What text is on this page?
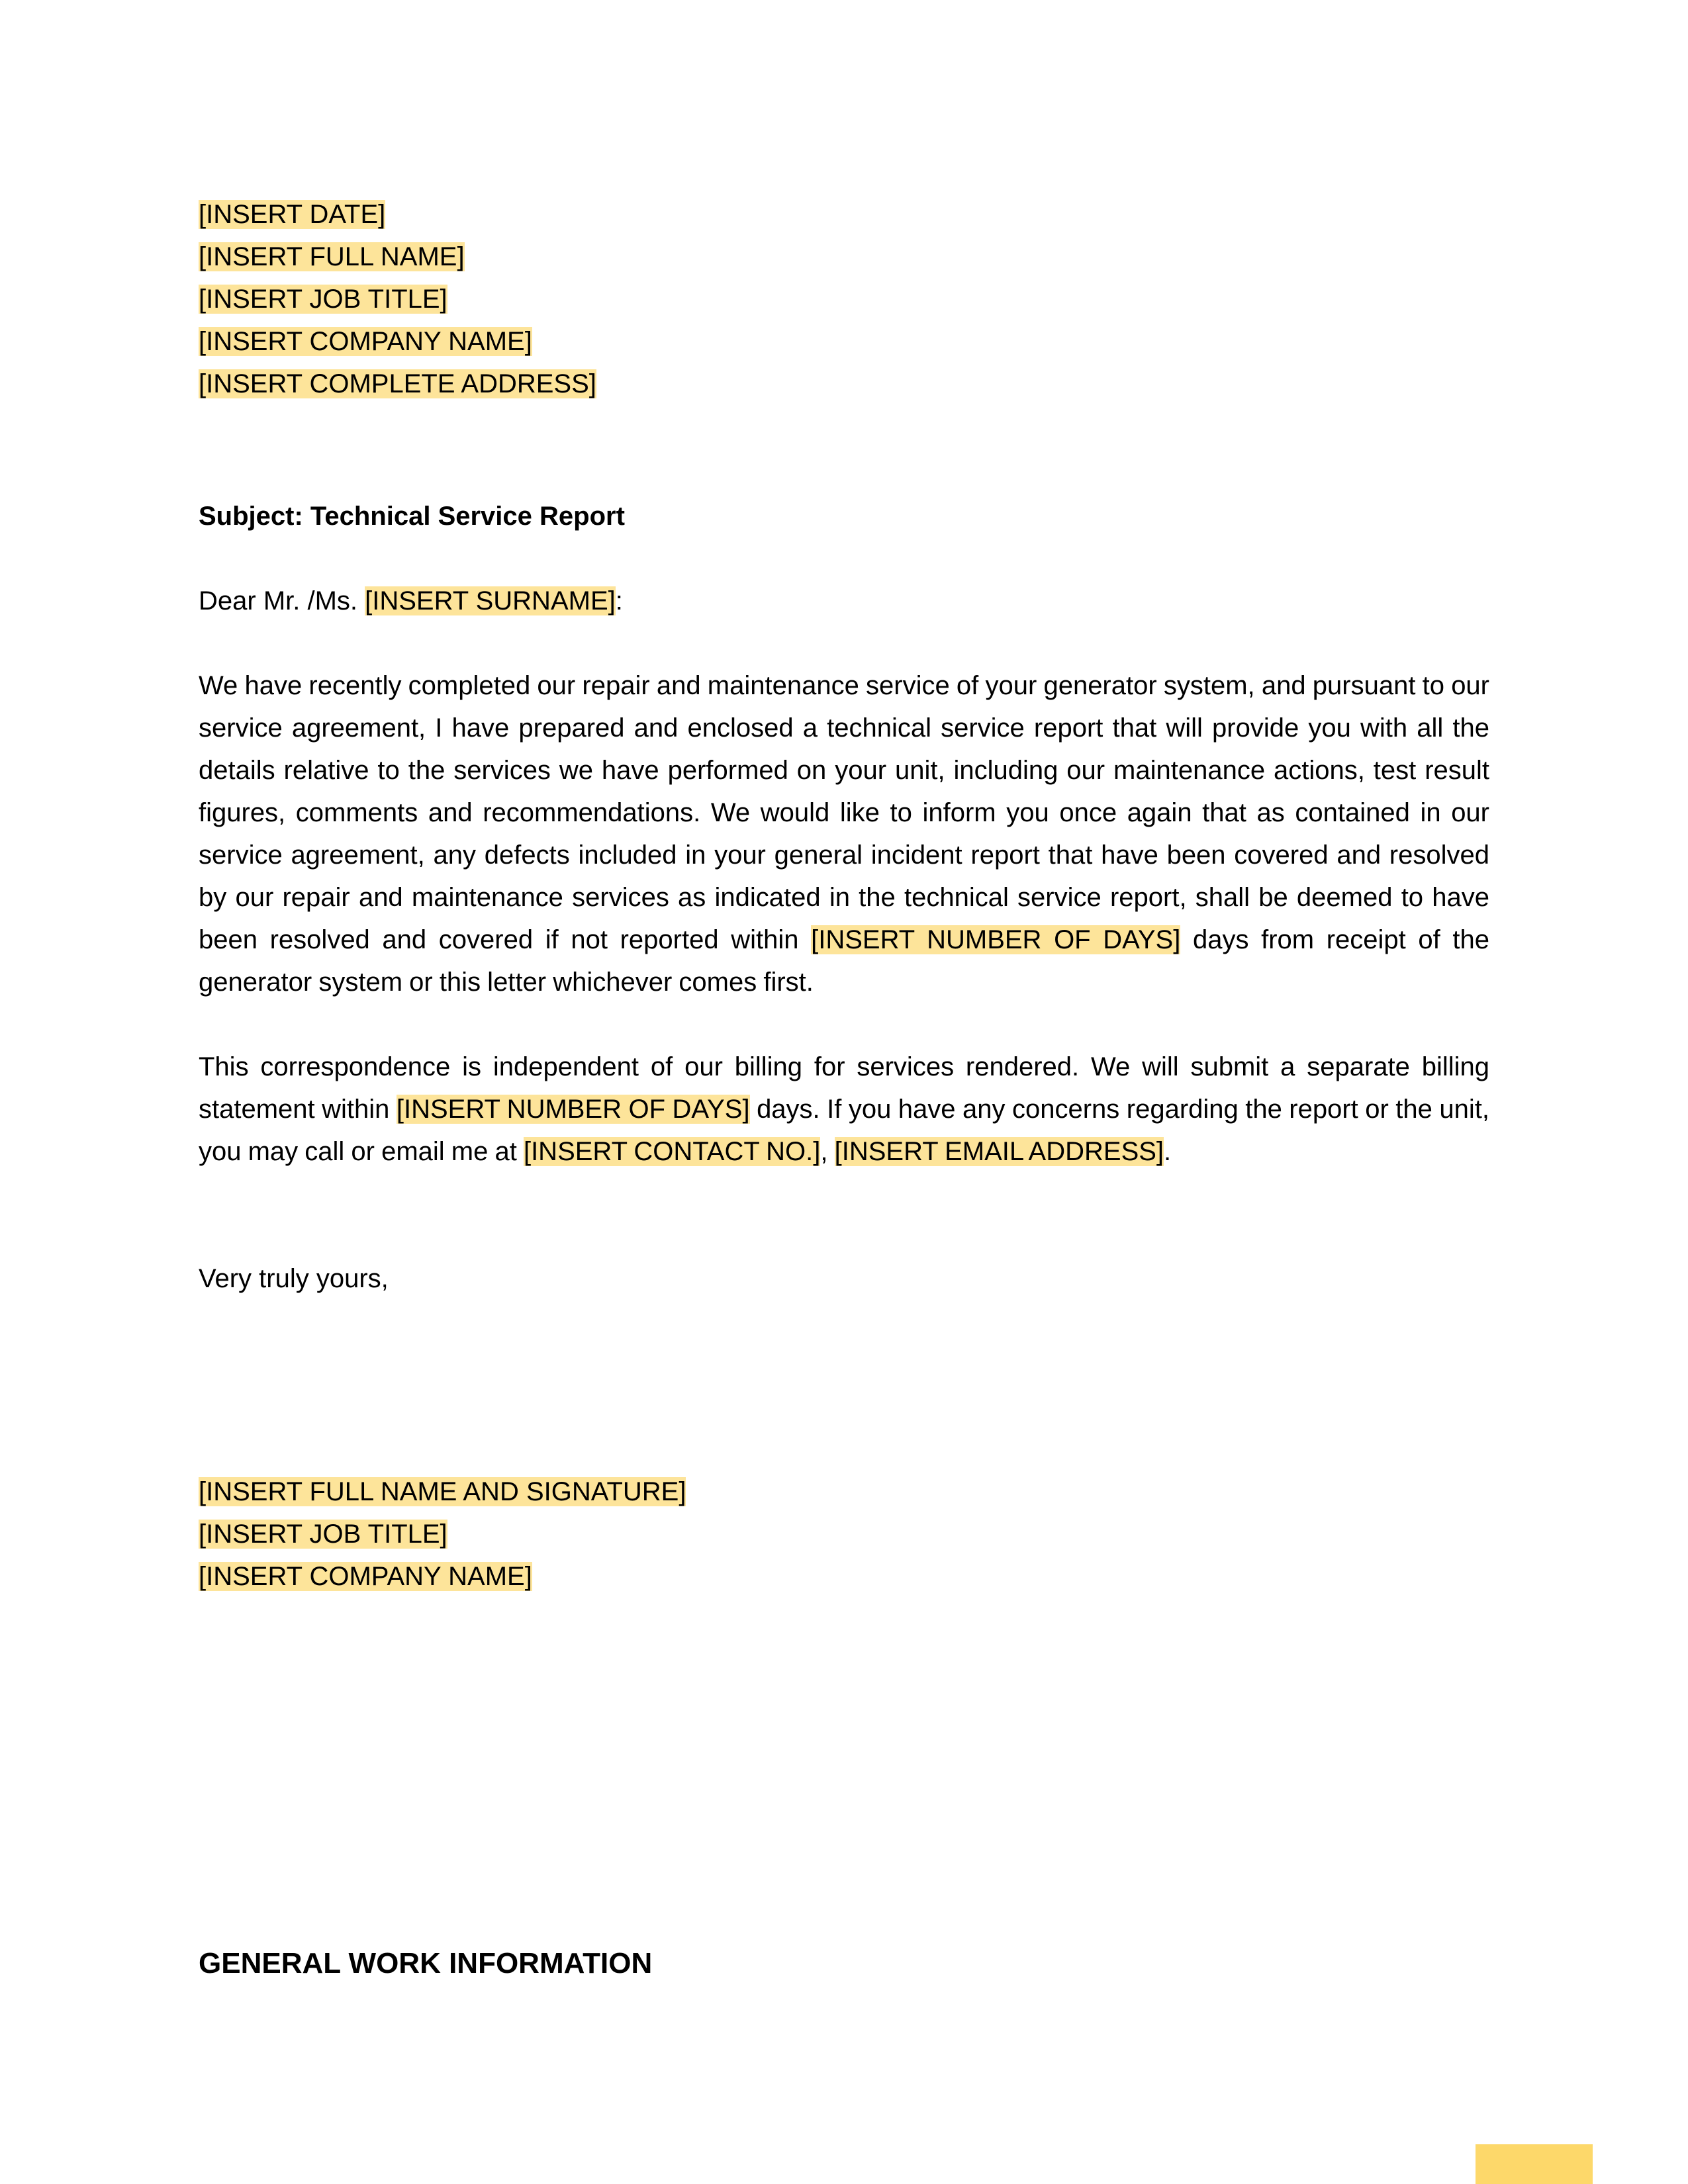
[INSERT DATE]
[INSERT FULL NAME]
[INSERT JOB TITLE]
[INSERT COMPANY NAME]
[INSERT COMPLETE ADDRESS]
Subject: Technical Service Report
Dear Mr. /Ms. [INSERT SURNAME]:
We have recently completed our repair and maintenance service of your generator system, and pursuant to our service agreement, I have prepared and enclosed a technical service report that will provide you with all the details relative to the services we have performed on your unit, including our maintenance actions, test result figures, comments and recommendations. We would like to inform you once again that as contained in our service agreement, any defects included in your general incident report that have been covered and resolved by our repair and maintenance services as indicated in the technical service report, shall be deemed to have been resolved and covered if not reported within [INSERT NUMBER OF DAYS] days from receipt of the generator system or this letter whichever comes first.
This correspondence is independent of our billing for services rendered. We will submit a separate billing statement within [INSERT NUMBER OF DAYS] days. If you have any concerns regarding the report or the unit, you may call or email me at [INSERT CONTACT NO.], [INSERT EMAIL ADDRESS].
Very truly yours,
[INSERT FULL NAME AND SIGNATURE]
[INSERT JOB TITLE]
[INSERT COMPANY NAME]
GENERAL WORK INFORMATION
